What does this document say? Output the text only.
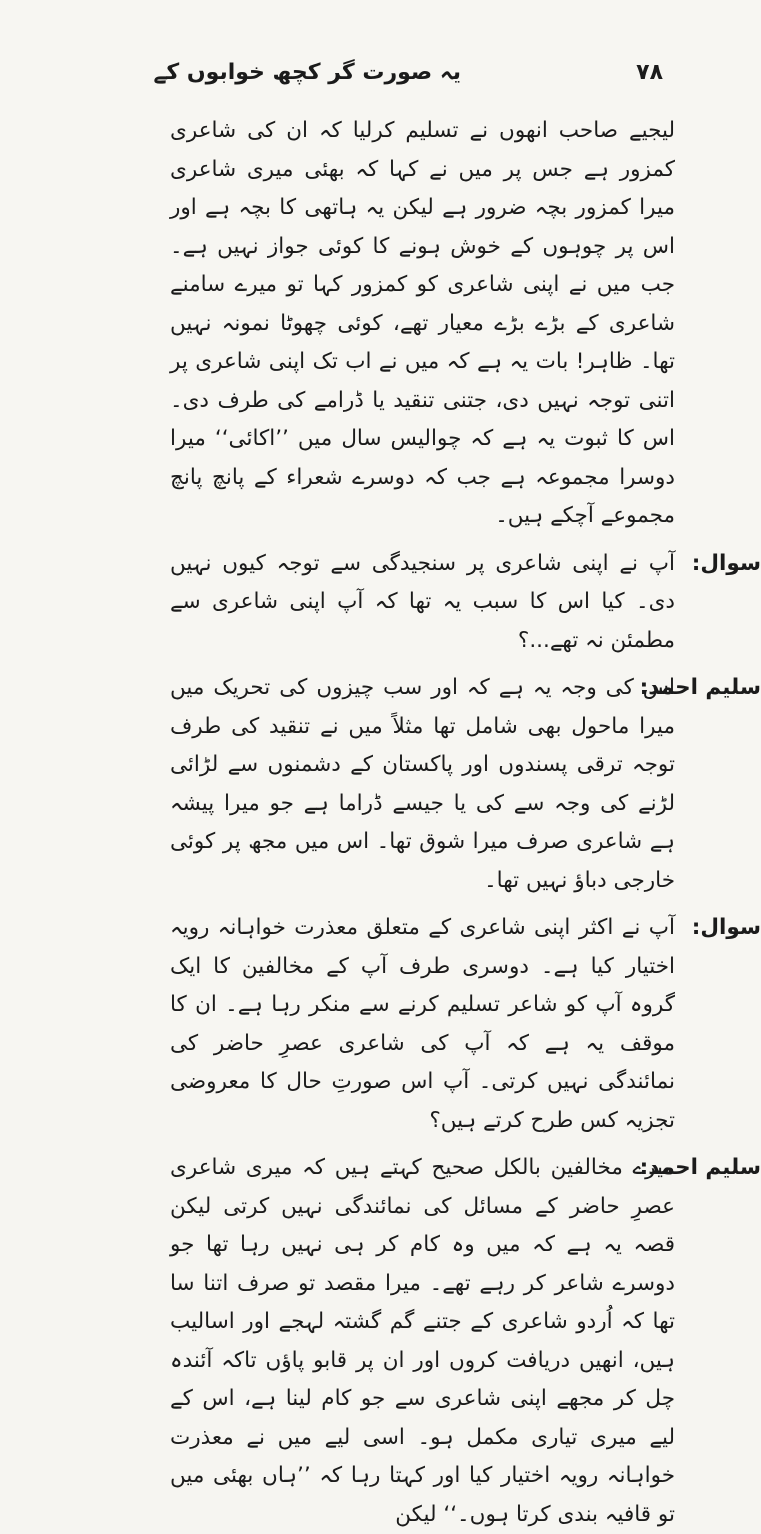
۷۸
یہ صورت گر کچھ خوابوں کے

لیجیے صاحب انھوں نے تسلیم کرلیا کہ ان کی شاعری کمزور ہے جس پر میں نے کہا کہ بھئی میری شاعری میرا کمزور بچہ ضرور ہے لیکن یہ ہاتھی کا بچہ ہے اور اس پر چوہوں کے خوش ہونے کا کوئی جواز نہیں ہے۔ جب میں نے اپنی شاعری کو کمزور کہا تو میرے سامنے شاعری کے بڑے بڑے معیار تھے، کوئی چھوٹا نمونہ نہیں تھا۔ ظاہر! بات یہ ہے کہ میں نے اب تک اپنی شاعری پر اتنی توجہ نہیں دی، جتنی تنقید یا ڈرامے کی طرف دی۔ اس کا ثبوت یہ ہے کہ چوالیس سال میں ’’اکائی‘‘ میرا دوسرا مجموعہ ہے جب کہ دوسرے شعراء کے پانچ پانچ مجموعے آچکے ہیں۔

سوال:

آپ نے اپنی شاعری پر سنجیدگی سے توجہ کیوں نہیں دی۔ کیا اس کا سبب یہ تھا کہ آپ اپنی شاعری سے مطمئن نہ تھے...؟

سلیم احمد:

اس کی وجہ یہ ہے کہ اور سب چیزوں کی تحریک میں میرا ماحول بھی شامل تھا مثلاً میں نے تنقید کی طرف توجہ ترقی پسندوں اور پاکستان کے دشمنوں سے لڑائی لڑنے کی وجہ سے کی یا جیسے ڈراما ہے جو میرا پیشہ ہے شاعری صرف میرا شوق تھا۔ اس میں مجھ پر کوئی خارجی دباؤ نہیں تھا۔

سوال:

آپ نے اکثر اپنی شاعری کے متعلق معذرت خواہانہ رویہ اختیار کیا ہے۔ دوسری طرف آپ کے مخالفین کا ایک گروہ آپ کو شاعر تسلیم کرنے سے منکر رہا ہے۔ ان کا موقف یہ ہے کہ آپ کی شاعری عصرِ حاضر کی نمائندگی نہیں کرتی۔ آپ اس صورتِ حال کا معروضی تجزیہ کس طرح کرتے ہیں؟

سلیم احمد:

میرے مخالفین بالکل صحیح کہتے ہیں کہ میری شاعری عصرِ حاضر کے مسائل کی نمائندگی نہیں کرتی لیکن قصہ یہ ہے کہ میں وہ کام کر ہی نہیں رہا تھا جو دوسرے شاعر کر رہے تھے۔ میرا مقصد تو صرف اتنا سا تھا کہ اُردو شاعری کے جتنے گم گشتہ لہجے اور اسالیب ہیں، انھیں دریافت کروں اور ان پر قابو پاؤں تاکہ آئندہ چل کر مجھے اپنی شاعری سے جو کام لینا ہے، اس کے لیے میری تیاری مکمل ہو۔ اسی لیے میں نے معذرت خواہانہ رویہ اختیار کیا اور کہتا رہا کہ ’’ہاں بھئی میں تو قافیہ بندی کرتا ہوں۔‘‘ لیکن
